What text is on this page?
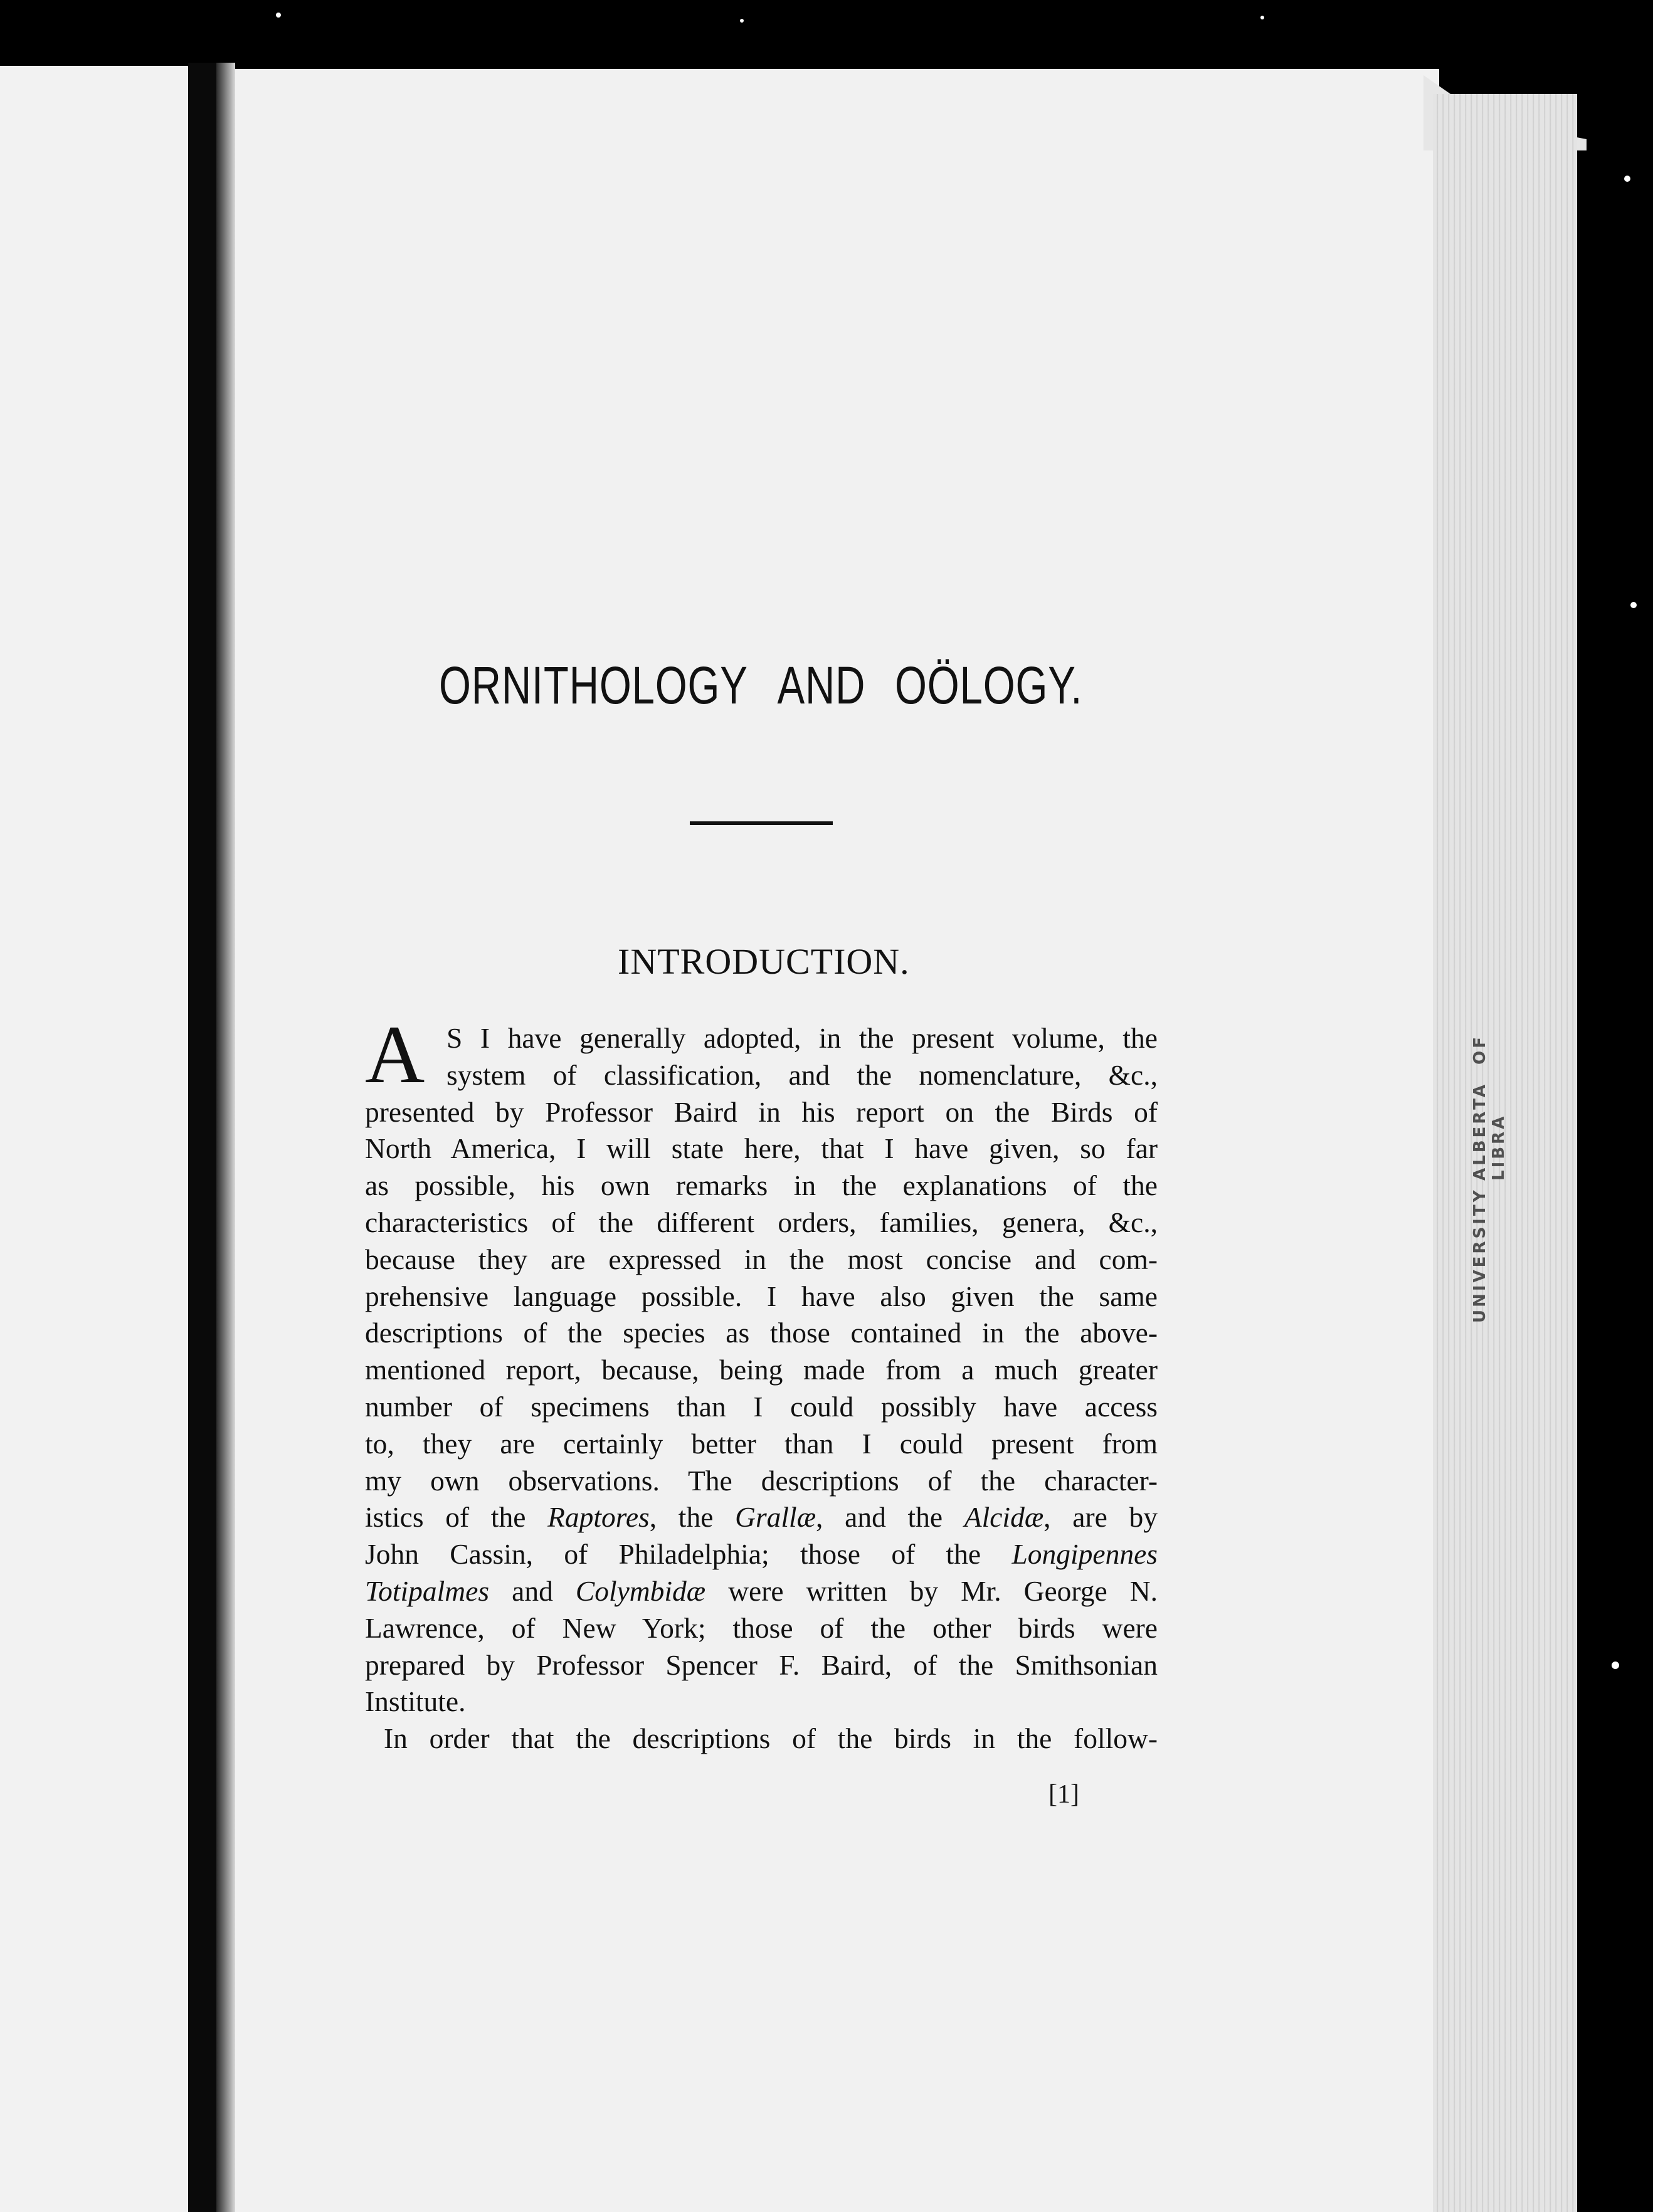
UNIVERSITY
ALBERTA LIBRA
OF
ORNITHOLOGY AND OÖLOGY.
INTRODUCTION.
A S I have generally adopted, in the present volume, the
system of classification, and the nomenclature, &c.,
presented by Professor Baird in his report on the Birds of
North America, I will state here, that I have given, so far
as possible, his own remarks in the explanations of the
characteristics of the different orders, families, genera, &c.,
because they are expressed in the most concise and com-
prehensive language possible. I have also given the same
descriptions of the species as those contained in the above-
mentioned report, because, being made from a much greater
number of specimens than I could possibly have access
to, they are certainly better than I could present from
my own observations. The descriptions of the character-
istics of the Raptores, the Grallæ, and the Alcidæ, are by
John Cassin, of Philadelphia; those of the Longipennes
Totipalmes and Colymbidæ were written by Mr. George N.
Lawrence, of New York; those of the other birds were
prepared by Professor Spencer F. Baird, of the Smithsonian
Institute.
In order that the descriptions of the birds in the follow-
[1]
